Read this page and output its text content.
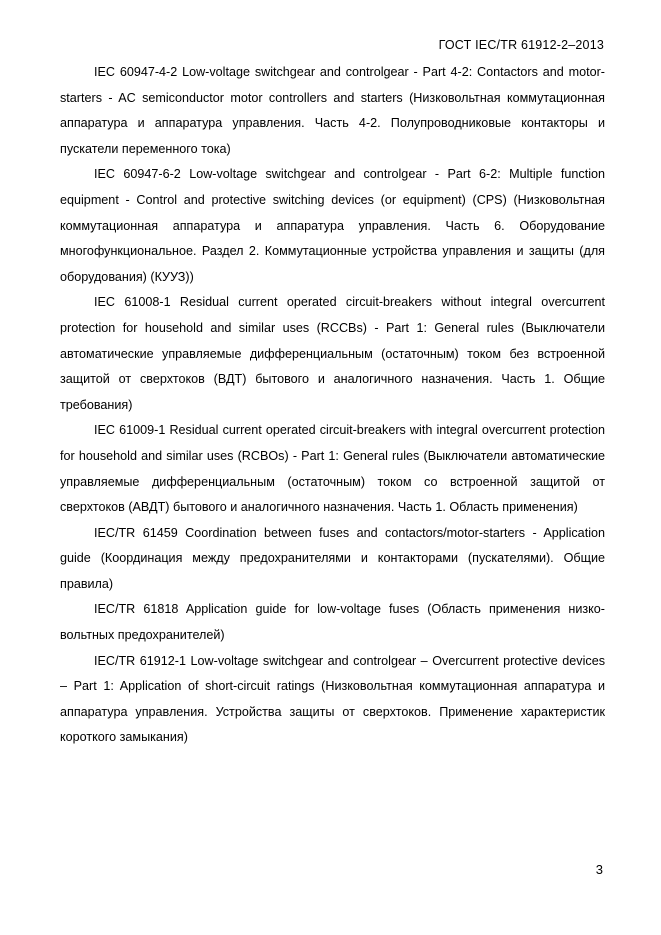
ГОСТ IEC/TR 61912-2–2013

IEC 60947-4-2 Low-voltage switchgear and controlgear - Part 4-2: Contactors and motor-starters - AC semiconductor motor controllers and starters (Низковольтная коммутационная аппаратура и аппаратура управления. Часть 4-2. Полупроводниковые контакторы и пускатели переменного тока)

IEC 60947-6-2 Low-voltage switchgear and controlgear - Part 6-2: Multiple function equipment - Control and protective switching devices (or equipment) (CPS) (Низковольтная коммутационная аппаратура и аппаратура управления. Часть 6. Оборудование многофункциональное. Раздел 2. Коммутационные устройства управления и защиты (для оборудования) (КУУЗ))

IEC 61008-1 Residual current operated circuit-breakers without integral overcurrent protection for household and similar uses (RCCBs) - Part 1: General rules (Выключатели автоматические управляемые дифференциальным (остаточным) током без встроенной защитой от сверхтоков (ВДТ) бытового и аналогичного назначения. Часть 1. Общие требования)

IEC 61009-1 Residual current operated circuit-breakers with integral overcurrent protection for household and similar uses (RCBOs) - Part 1: General rules (Выключатели автоматические управляемые дифференциальным (остаточным) током со встроенной защитой от сверхтоков (АВДТ) бытового и аналогичного назначения. Часть 1. Область применения)

IEC/TR 61459 Coordination between fuses and contactors/motor-starters - Application guide (Координация между предохранителями и контакторами (пускателями). Общие правила)

IEC/TR 61818 Application guide for low-voltage fuses (Область применения низковольтных предохранителей)

IEC/TR 61912-1 Low-voltage switchgear and controlgear – Overcurrent protective devices – Part 1: Application of short-circuit ratings (Низковольтная коммутационная аппаратура и аппаратура управления. Устройства защиты от сверхтоков. Применение характеристик короткого замыкания)

3
